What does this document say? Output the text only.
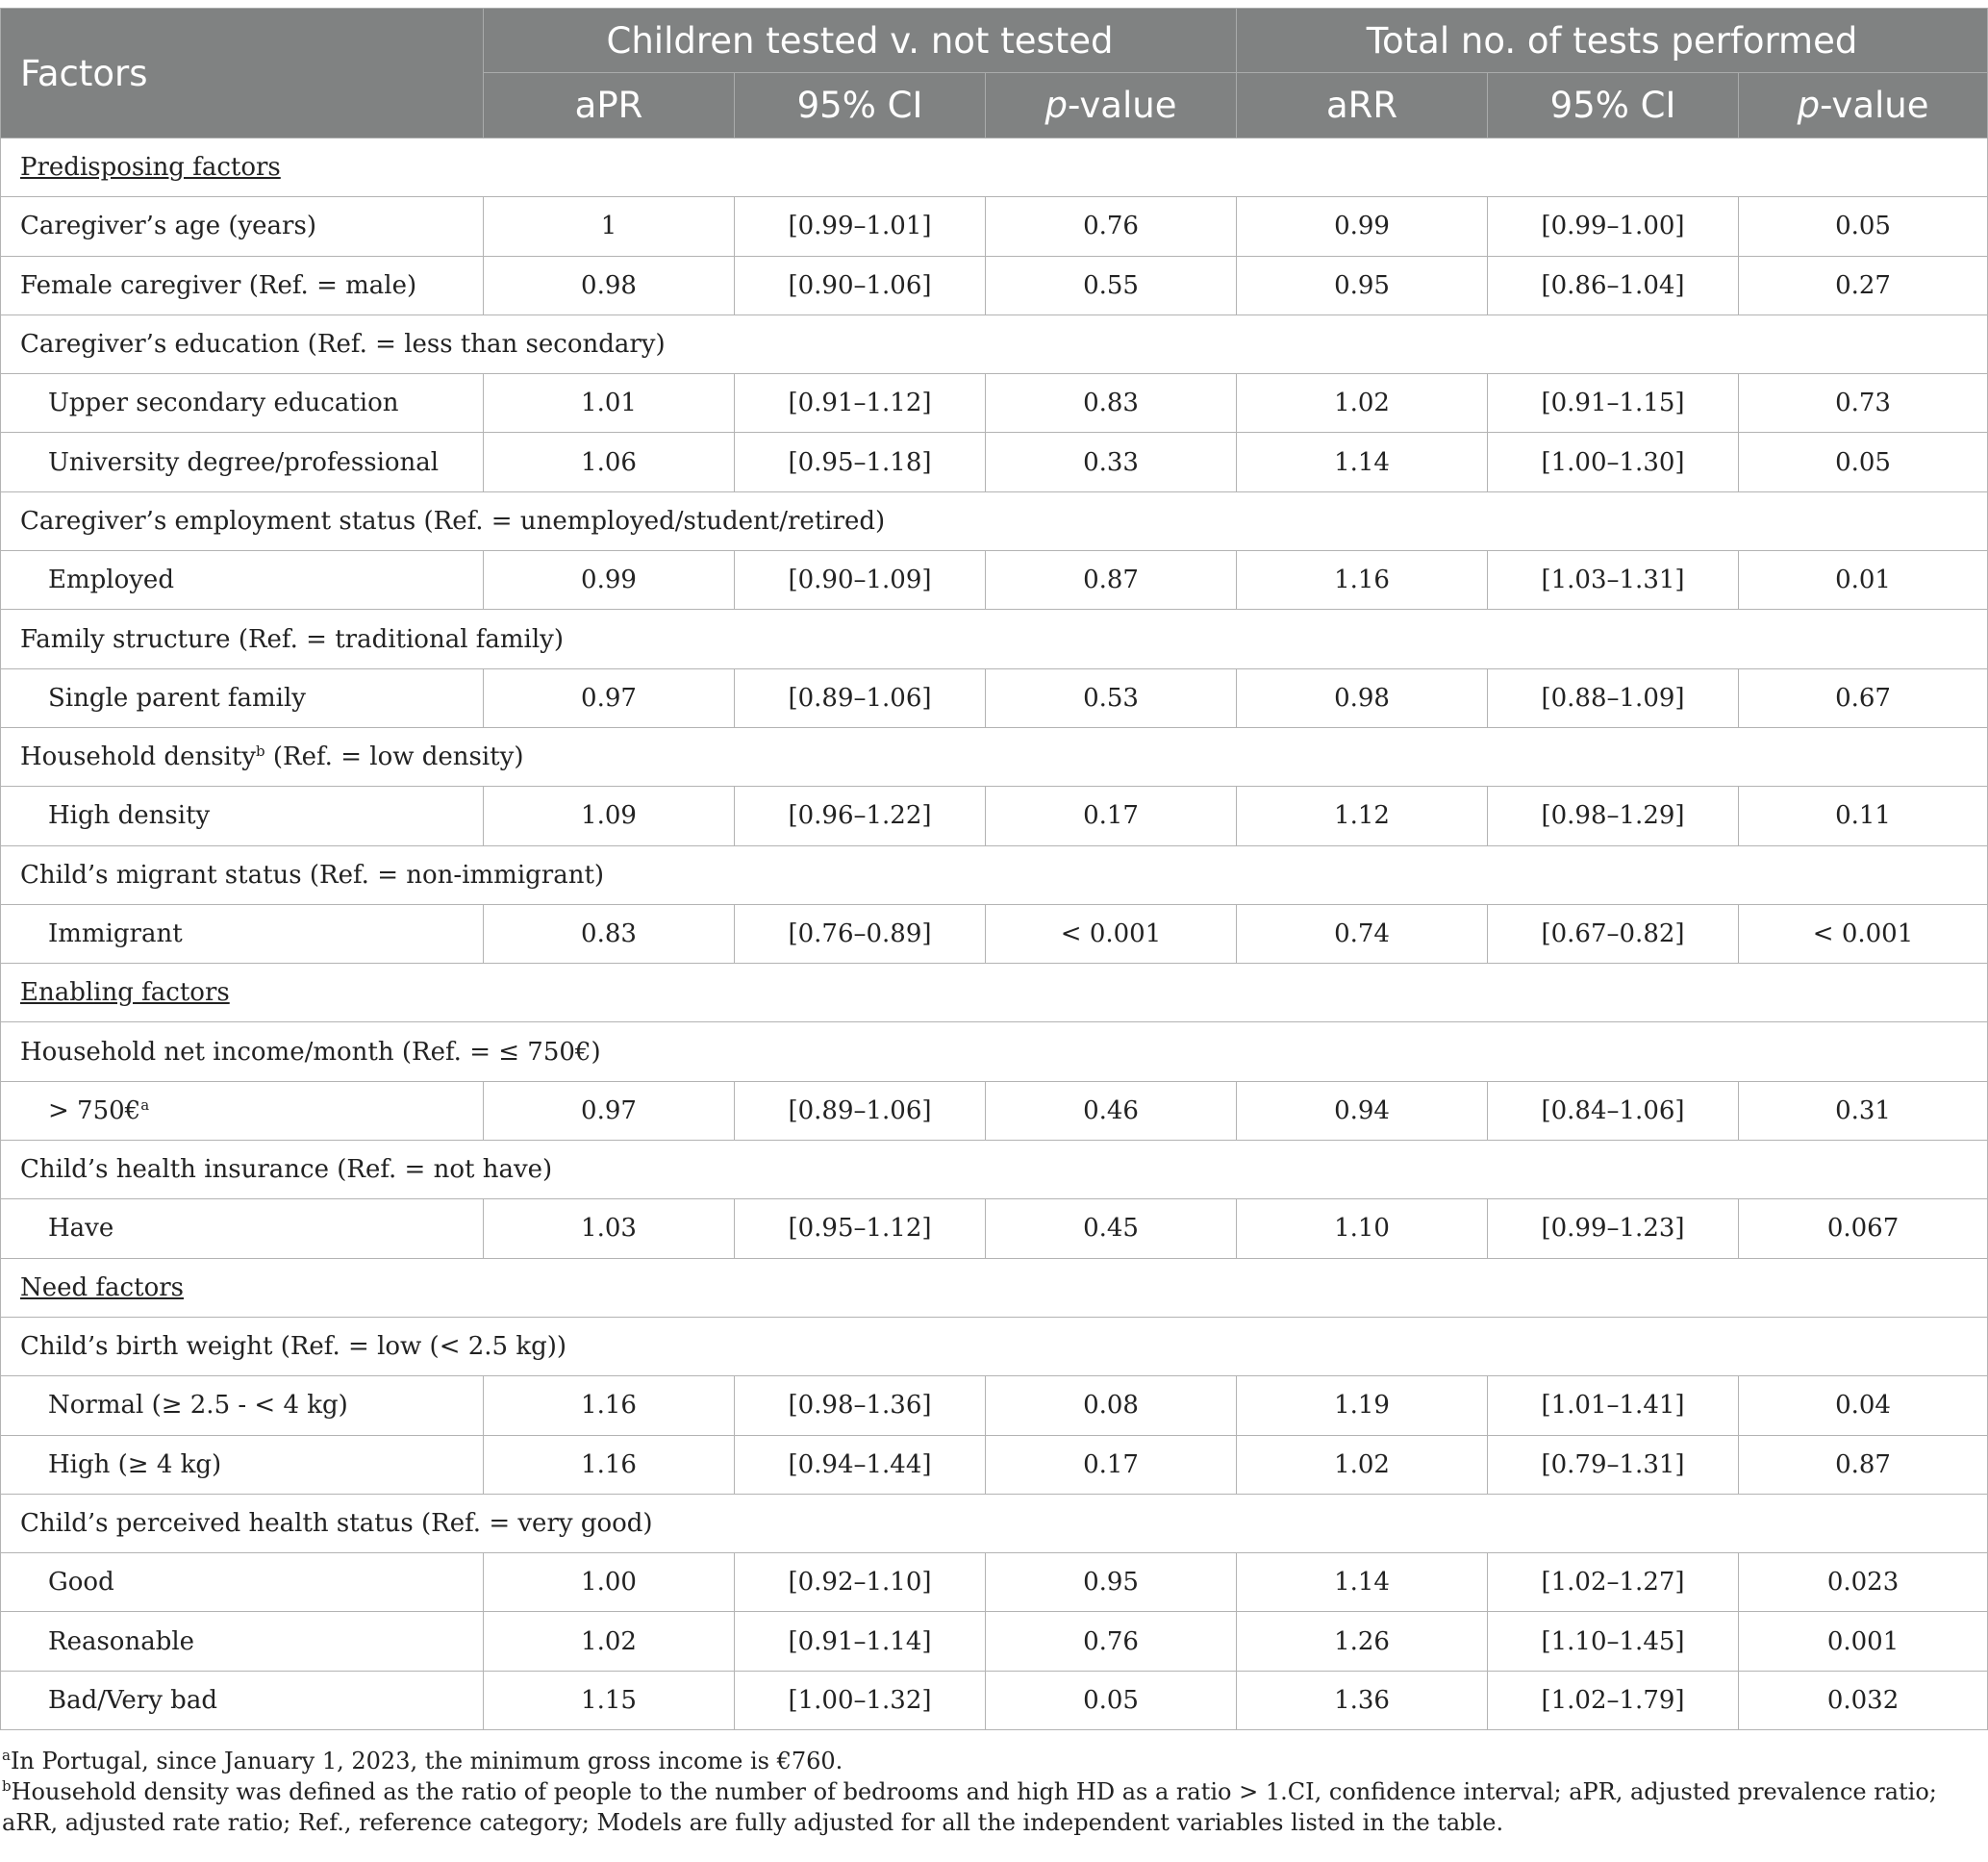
Factors	Children tested v. not tested			Total no. of tests performed		
	aPR	95% CI	p-value	aRR	95% CI	p-value
Predisposing factors						
Caregiver’s age (years)	1	[0.99–1.01]	0.76	0.99	[0.99–1.00]	0.05
Female caregiver (Ref. = male)	0.98	[0.90–1.06]	0.55	0.95	[0.86–1.04]	0.27
Caregiver’s education (Ref. = less than secondary)						
Upper secondary education	1.01	[0.91–1.12]	0.83	1.02	[0.91–1.15]	0.73
University degree/professional	1.06	[0.95–1.18]	0.33	1.14	[1.00–1.30]	0.05
Caregiver’s employment status (Ref. = unemployed/student/retired)						
Employed	0.99	[0.90–1.09]	0.87	1.16	[1.03–1.31]	0.01
Family structure (Ref. = traditional family)						
Single parent family	0.97	[0.89–1.06]	0.53	0.98	[0.88–1.09]	0.67
Household density$^b$ (Ref. = low density)						
High density	1.09	[0.96–1.22]	0.17	1.12	[0.98–1.29]	0.11
Child’s migrant status (Ref. = non-immigrant)						
Immigrant	0.83	[0.76–0.89]	< 0.001	0.74	[0.67–0.82]	< 0.001
Enabling factors						
Household net income/month (Ref. = ≤ 750€)						
> 750€$^a$	0.97	[0.89–1.06]	0.46	0.94	[0.84–1.06]	0.31
Child’s health insurance (Ref. = not have)						
Have	1.03	[0.95–1.12]	0.45	1.10	[0.99–1.23]	0.067
Need factors						
Child’s birth weight (Ref. = low (< 2.5 kg))						
Normal (≥ 2.5 - < 4 kg)	1.16	[0.98–1.36]	0.08	1.19	[1.01–1.41]	0.04
High (≥ 4 kg)	1.16	[0.94–1.44]	0.17	1.02	[0.79–1.31]	0.87
Child’s perceived health status (Ref. = very good)						
Good	1.00	[0.92–1.10]	0.95	1.14	[1.02–1.27]	0.023
Reasonable	1.02	[0.91–1.14]	0.76	1.26	[1.10–1.45]	0.001
Bad/Very bad	1.15	[1.00–1.32]	0.05	1.36	[1.02–1.79]	0.032

$^a$In Portugal, since January 1, 2023, the minimum gross income is €760.

$^b$Household density was defined as the ratio of people to the number of bedrooms and high HD as a ratio > 1.CI, confidence interval; aPR, adjusted prevalence ratio; aRR, adjusted rate ratio; Ref., reference category; Models are fully adjusted for all the independent variables listed in the table.
